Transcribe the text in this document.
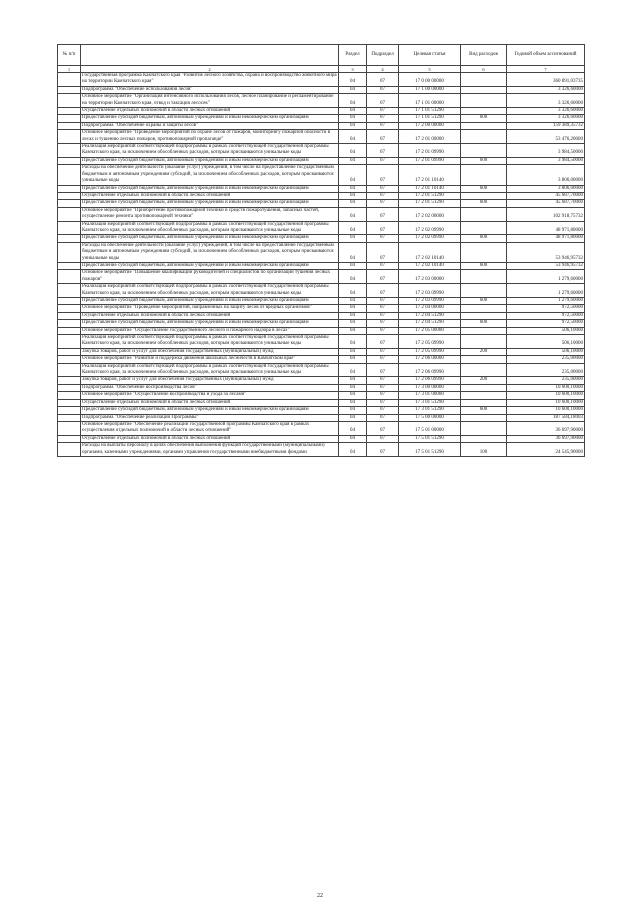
№ п/п		Раздел	Подраздел	Целевая статья	Вид расходов	Годовой объем ассигнований
1	2	3	4	5	6	7
	Государственная программа Камчатского края "Развитие лесного хозяйства, охрана и воспроизводство животного мира на территории Камчатского края"	04	07	17 0 00 00000		360 891,03735
	Подпрограмма "Обеспечение использования лесов"	04	07	17 1 00 00000		3 326,60000
	Основное мероприятие "Организация интенсивного использования лесов, лесное планирование и регламентирование на территории Камчатского края, отвод и таксация лесосек"	04	07	17 1 01 00000		3 326,60000
	Осуществление отдельных полномочий в области лесных отношений	04	07	17 1 01 51290		3 326,60000
	Предоставление субсидий бюджетным, автономным учреждениям и иным некоммерческим организациям	04	07	17 1 01 51290	600	3 326,60000
	Подпрограмма "Обеспечение охраны и защиты лесов"	04	07	17 2 00 00000		159 389,35732
	Основное мероприятие "Проведение мероприятий по охране лесов от пожаров, мониторингу пожарной опасности в лесах и тушению лесных пожаров, противопожарной пропаганде"	04	07	17 2 01 00000		53 476,20000
	Реализация мероприятий соответствующей подпрограммы в рамках соответствующей государственной программы Камчатского края, за исключением обособленных расходов, которым присваиваются уникальные коды	04	07	17 2 01 09990		3 984,50000
	Предоставление субсидий бюджетным, автономным учреждениям и иным некоммерческим организациям	04	07	17 2 01 09990	600	3 984,50000
	Расходы на обеспечение деятельности (оказание услуг) учреждений, в том числе на предоставление государственным бюджетным и автономным учреждениям субсидий, за исключением обособленных расходов, которым присваиваются уникальные коды	04	07	17 2 01 10140		3 806,00000
	Предоставление субсидий бюджетным, автономным учреждениям и иным некоммерческим организациям	04	07	17 2 01 10140	600	3 806,00000
	Осуществление отдельных полномочий в области лесных отношений	04	07	17 2 01 51290		45 687,70000
	Предоставление субсидий бюджетным, автономным учреждениям и иным некоммерческим организациям	04	07	17 2 01 51290	600	45 687,70000
	Основное мероприятие "Приобретение противопожарной техники и средств пожаротушения, запасных частей, осуществление ремонта противопожарной техники"	04	07	17 2 02 00000		102 918,75732
	Реализация мероприятий соответствующей подпрограммы в рамках соответствующей государственной программы Камчатского края, за исключением обособленных расходов, которым присваиваются уникальные коды	04	07	17 2 02 09990		48 971,80000
	Предоставление субсидий бюджетным, автономным учреждениям и иным некоммерческим организациям	04	07	17 2 02 09990	600	48 971,80000
	Расходы на обеспечение деятельности (оказание услуг) учреждений, в том числе на предоставление государственным бюджетным и автономным учреждениям субсидий, за исключением обособленных расходов, которым присваиваются уникальные коды	04	07	17 2 02 10140		53 946,95732
	Предоставление субсидий бюджетным, автономным учреждениям и иным некоммерческим организациям	04	07	17 2 02 10140	600	53 946,95732
	Основное мероприятие "Повышение квалификации руководителей и специалистов по организации тушения лесных пожаров"	04	07	17 2 03 00000		1 279,60000
	Реализация мероприятий соответствующей подпрограммы в рамках соответствующей государственной программы Камчатского края, за исключением обособленных расходов, которым присваиваются уникальные коды	04	07	17 2 03 09990		1 279,60000
	Предоставление субсидий бюджетным, автономным учреждениям и иным некоммерческим организациям	04	07	17 2 03 09990	600	1 279,60000
	Основное мероприятие "Проведение мероприятий, направленных на защиту лесов от вредных организмов"	04	07	17 2 04 00000		972,50000
	Осуществление отдельных полномочий в области лесных отношений	04	07	17 2 04 51290		972,50000
	Предоставление субсидий бюджетным, автономным учреждениям и иным некоммерческим организациям	04	07	17 2 04 51290	600	972,50000
	Основное мероприятие "Осуществление государственного лесного и пожарного надзора в лесах"	04	07	17 2 05 00000		506,10000
	Реализация мероприятий соответствующей подпрограммы в рамках соответствующей государственной программы Камчатского края, за исключением обособленных расходов, которым присваиваются уникальные коды	04	07	17 2 05 09990		506,10000
	Закупка товаров, работ и услуг для обеспечения государственных (муниципальных) нужд	04	07	17 2 05 09990	200	506,10000
	Основное мероприятие "Развитие и поддержка движения школьных лесничеств в Камчатском крае"	04	07	17 2 06 00000		235,00000
	Реализация мероприятий соответствующей подпрограммы в рамках соответствующей государственной программы Камчатского края, за исключением обособленных расходов, которым присваиваются уникальные коды	04	07	17 2 06 09990		235,00000
	Закупка товаров, работ и услуг для обеспечения государственных (муниципальных) нужд	04	07	17 2 06 09990	200	235,00000
	Подпрограмма "Обеспечение воспроизводства лесов"	04	07	17 3 00 00000		10 600,10000
	Основное мероприятие "Осуществление воспроизводства и ухода за лесами"	04	07	17 3 01 00000		10 600,10000
	Осуществление отдельных полномочий в области лесных отношений	04	07	17 3 01 51290		10 600,10000
	Предоставление субсидий бюджетным, автономным учреждениям и иным некоммерческим организациям	04	07	17 3 01 51290	600	10 600,10000
	Подпрограмма "Обеспечение реализации Программы"	04	07	17 5 00 00000		187 584,18003
	Основное мероприятие "Обеспечение реализации государственной программы Камчатского края в рамках осуществления отдельных полномочий в области лесных отношений"	04	07	17 5 01 00000		36 697,90000
	Осуществление отдельных полномочий в области лесных отношений	04	07	17 5 01 51290		36 697,90000
	Расходы на выплаты персоналу в целях обеспечения выполнения функций государственными (муниципальными) органами, казенными учреждениями, органами управления государственными внебюджетными фондами	04	07	17 5 01 51290	100	24 545,90000
22
